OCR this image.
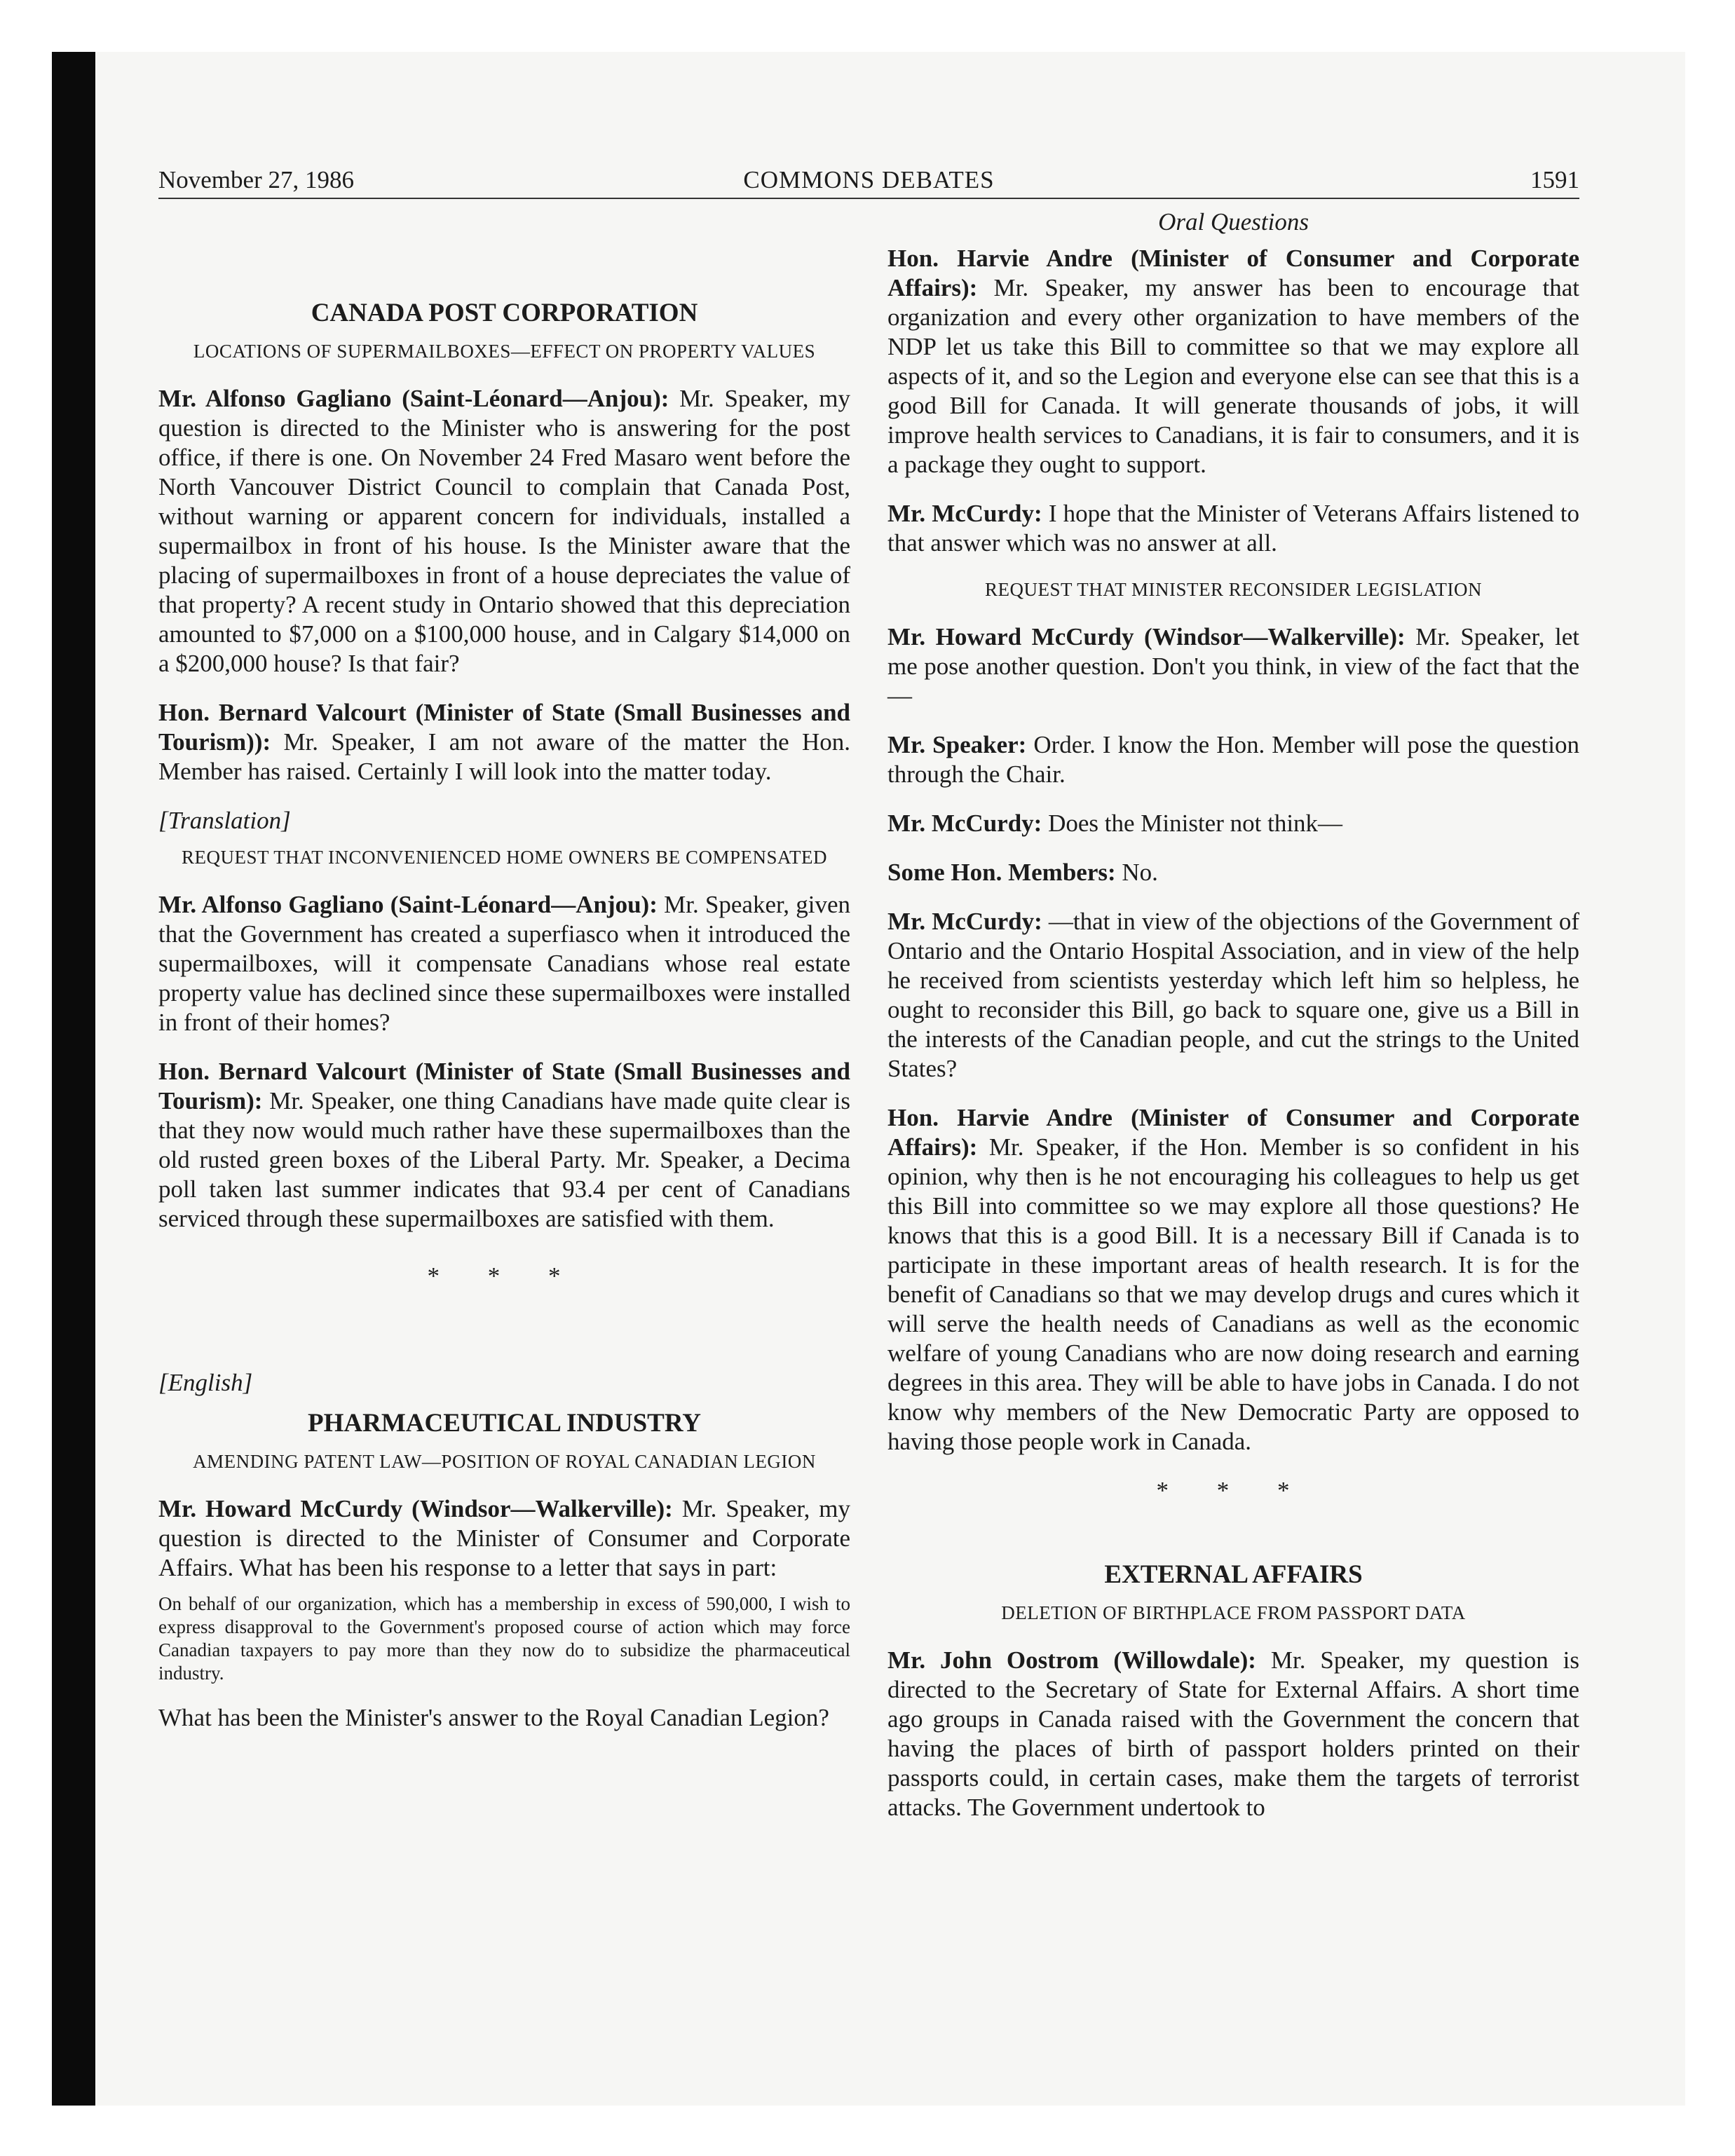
November 27, 1986	COMMONS DEBATES	1591
CANADA POST CORPORATION
LOCATIONS OF SUPERMAILBOXES—EFFECT ON PROPERTY VALUES

Mr. Alfonso Gagliano (Saint-Léonard—Anjou): Mr. Speaker, my question is directed to the Minister who is answering for the post office, if there is one. On November 24 Fred Masaro went before the North Vancouver District Council to complain that Canada Post, without warning or apparent concern for individuals, installed a supermailbox in front of his house. Is the Minister aware that the placing of supermailboxes in front of a house depreciates the value of that property? A recent study in Ontario showed that this depreciation amounted to $7,000 on a $100,000 house, and in Calgary $14,000 on a $200,000 house? Is that fair?

Hon. Bernard Valcourt (Minister of State (Small Businesses and Tourism)): Mr. Speaker, I am not aware of the matter the Hon. Member has raised. Certainly I will look into the matter today.

[Translation]
REQUEST THAT INCONVENIENCED HOME OWNERS BE COMPENSATED

Mr. Alfonso Gagliano (Saint-Léonard—Anjou): Mr. Speaker, given that the Government has created a superfiasco when it introduced the supermailboxes, will it compensate Canadians whose real estate property value has declined since these supermailboxes were installed in front of their homes?

Hon. Bernard Valcourt (Minister of State (Small Businesses and Tourism): Mr. Speaker, one thing Canadians have made quite clear is that they now would much rather have these supermailboxes than the old rusted green boxes of the Liberal Party. Mr. Speaker, a Decima poll taken last summer indicates that 93.4 per cent of Canadians serviced through these supermailboxes are satisfied with them.

* * *
[English]
PHARMACEUTICAL INDUSTRY
AMENDING PATENT LAW—POSITION OF ROYAL CANADIAN LEGION

Mr. Howard McCurdy (Windsor—Walkerville): Mr. Speaker, my question is directed to the Minister of Consumer and Corporate Affairs. What has been his response to a letter that says in part:

On behalf of our organization, which has a membership in excess of 590,000, I wish to express disapproval to the Government's proposed course of action which may force Canadian taxpayers to pay more than they now do to subsidize the pharmaceutical industry.

What has been the Minister's answer to the Royal Canadian Legion?

Oral Questions

Hon. Harvie Andre (Minister of Consumer and Corporate Affairs): Mr. Speaker, my answer has been to encourage that organization and every other organization to have members of the NDP let us take this Bill to committee so that we may explore all aspects of it, and so the Legion and everyone else can see that this is a good Bill for Canada. It will generate thousands of jobs, it will improve health services to Canadians, it is fair to consumers, and it is a package they ought to support.

Mr. McCurdy: I hope that the Minister of Veterans Affairs listened to that answer which was no answer at all.

REQUEST THAT MINISTER RECONSIDER LEGISLATION

Mr. Howard McCurdy (Windsor—Walkerville): Mr. Speaker, let me pose another question. Don't you think, in view of the fact that the—

Mr. Speaker: Order. I know the Hon. Member will pose the question through the Chair.

Mr. McCurdy: Does the Minister not think—

Some Hon. Members: No.

Mr. McCurdy: —that in view of the objections of the Government of Ontario and the Ontario Hospital Association, and in view of the help he received from scientists yesterday which left him so helpless, he ought to reconsider this Bill, go back to square one, give us a Bill in the interests of the Canadian people, and cut the strings to the United States?

Hon. Harvie Andre (Minister of Consumer and Corporate Affairs): Mr. Speaker, if the Hon. Member is so confident in his opinion, why then is he not encouraging his colleagues to help us get this Bill into committee so we may explore all those questions? He knows that this is a good Bill. It is a necessary Bill if Canada is to participate in these important areas of health research. It is for the benefit of Canadians so that we may develop drugs and cures which it will serve the health needs of Canadians as well as the economic welfare of young Canadians who are now doing research and earning degrees in this area. They will be able to have jobs in Canada. I do not know why members of the New Democratic Party are opposed to having those people work in Canada.

* * *
EXTERNAL AFFAIRS
DELETION OF BIRTHPLACE FROM PASSPORT DATA

Mr. John Oostrom (Willowdale): Mr. Speaker, my question is directed to the Secretary of State for External Affairs. A short time ago groups in Canada raised with the Government the concern that having the places of birth of passport holders printed on their passports could, in certain cases, make them the targets of terrorist attacks. The Government undertook to
